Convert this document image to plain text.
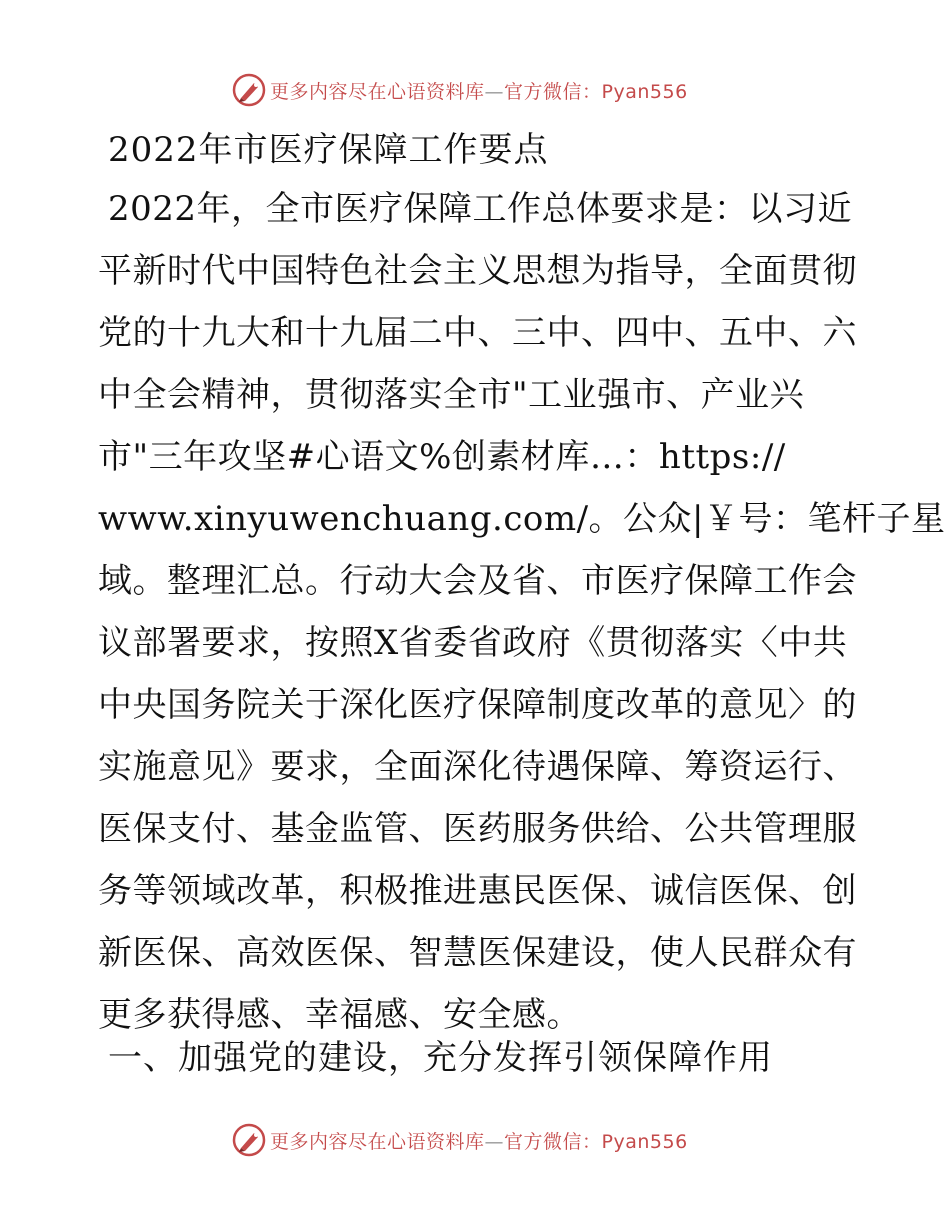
更多内容尽在心语资料库—官方微信：Pyan556
2022年市医疗保障工作要点
2022年，全市医疗保障工作总体要求是：以习近
平新时代中国特色社会主义思想为指导，全面贯彻
党的十九大和十九届二中、三中、四中、五中、六
中全会精神，贯彻落实全市"工业强市、产业兴
市"三年攻坚#心语文%创素材库…：https://
www.xinyuwenchuang.com/。公众|￥号：笔杆子星
域。整理汇总。行动大会及省、市医疗保障工作会
议部署要求，按照X省委省政府《贯彻落实〈中共
中央国务院关于深化医疗保障制度改革的意见〉的
实施意见》要求，全面深化待遇保障、筹资运行、
医保支付、基金监管、医药服务供给、公共管理服
务等领域改革，积极推进惠民医保、诚信医保、创
新医保、高效医保、智慧医保建设，使人民群众有
更多获得感、幸福感、安全感。
一、加强党的建设，充分发挥引领保障作用
更多内容尽在心语资料库—官方微信：Pyan556
